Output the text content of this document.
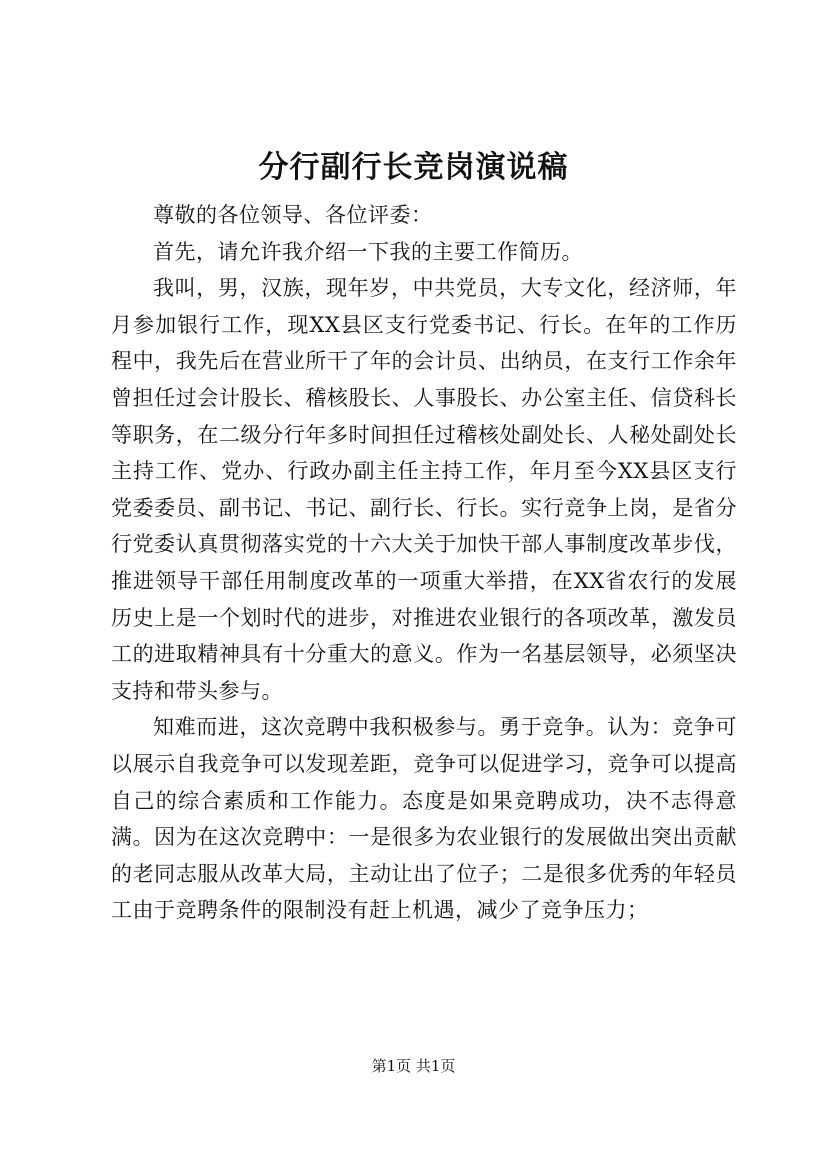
分行副行长竞岗演说稿

尊敬的各位领导、各位评委：

首先，请允许我介绍一下我的主要工作简历。

我叫，男，汉族，现年岁，中共党员，大专文化，经济师，年月参加银行工作，现XX县区支行党委书记、行长。在年的工作历程中，我先后在营业所干了年的会计员、出纳员，在支行工作余年曾担任过会计股长、稽核股长、人事股长、办公室主任、信贷科长等职务，在二级分行年多时间担任过稽核处副处长、人秘处副处长主持工作、党办、行政办副主任主持工作，年月至今XX县区支行党委委员、副书记、书记、副行长、行长。实行竞争上岗，是省分行党委认真贯彻落实党的十六大关于加快干部人事制度改革步伐，推进领导干部任用制度改革的一项重大举措，在XX省农行的发展历史上是一个划时代的进步，对推进农业银行的各项改革，激发员工的进取精神具有十分重大的意义。作为一名基层领导，必须坚决支持和带头参与。

知难而进，这次竞聘中我积极参与。勇于竞争。认为：竞争可以展示自我竞争可以发现差距，竞争可以促进学习，竞争可以提高自己的综合素质和工作能力。态度是如果竞聘成功，决不志得意满。因为在这次竞聘中：一是很多为农业银行的发展做出突出贡献的老同志服从改革大局，主动让出了位子；二是很多优秀的年轻员工由于竞聘条件的限制没有赶上机遇，减少了竞争压力；

第1页 共1页
